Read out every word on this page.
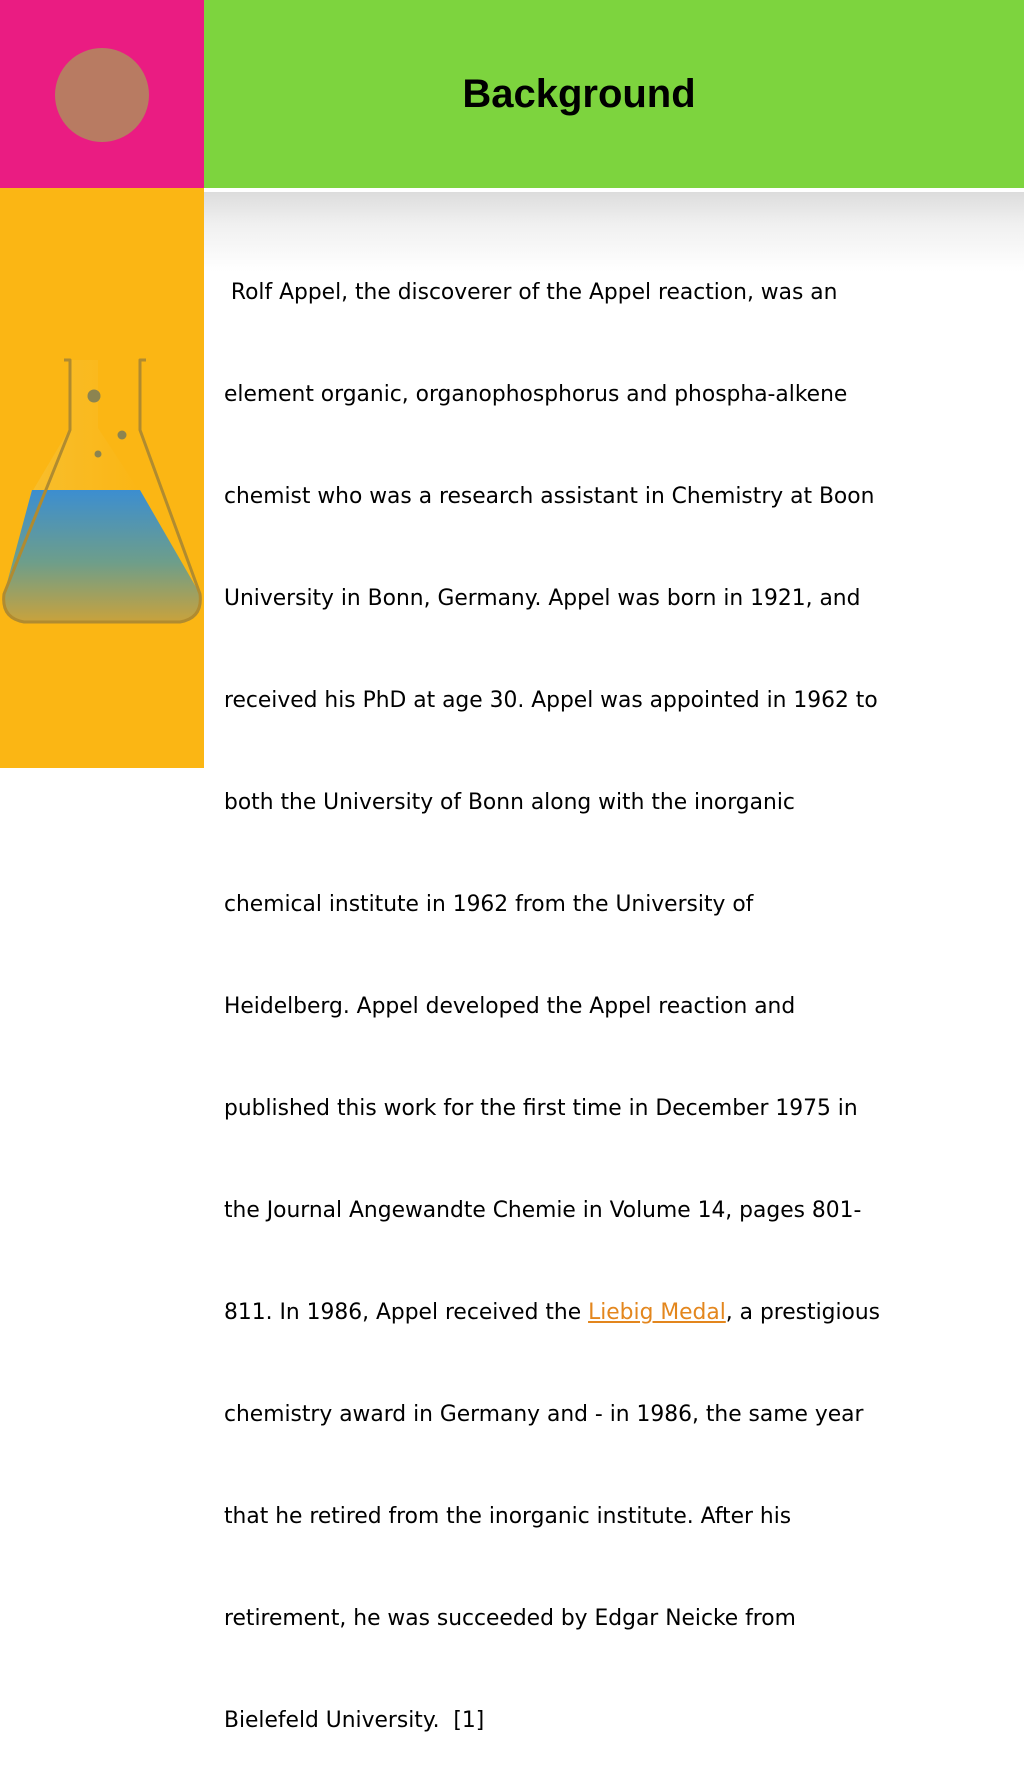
Background

Rolf Appel, the discoverer of the Appel reaction, was an

element organic, organophosphorus and phospha-alkene

chemist who was a research assistant in Chemistry at Boon

University in Bonn, Germany. Appel was born in 1921, and

received his PhD at age 30. Appel was appointed in 1962 to

both the University of Bonn along with the inorganic

chemical institute in 1962 from the University of

Heidelberg. Appel developed the Appel reaction and

published this work for the first time in December 1975 in

the Journal Angewandte Chemie in Volume 14, pages 801-

811. In 1986, Appel received the Liebig Medal, a prestigious

chemistry award in Germany and - in 1986, the same year

that he retired from the inorganic institute. After his

retirement, he was succeeded by Edgar Neicke from

Bielefeld University.  [1]
